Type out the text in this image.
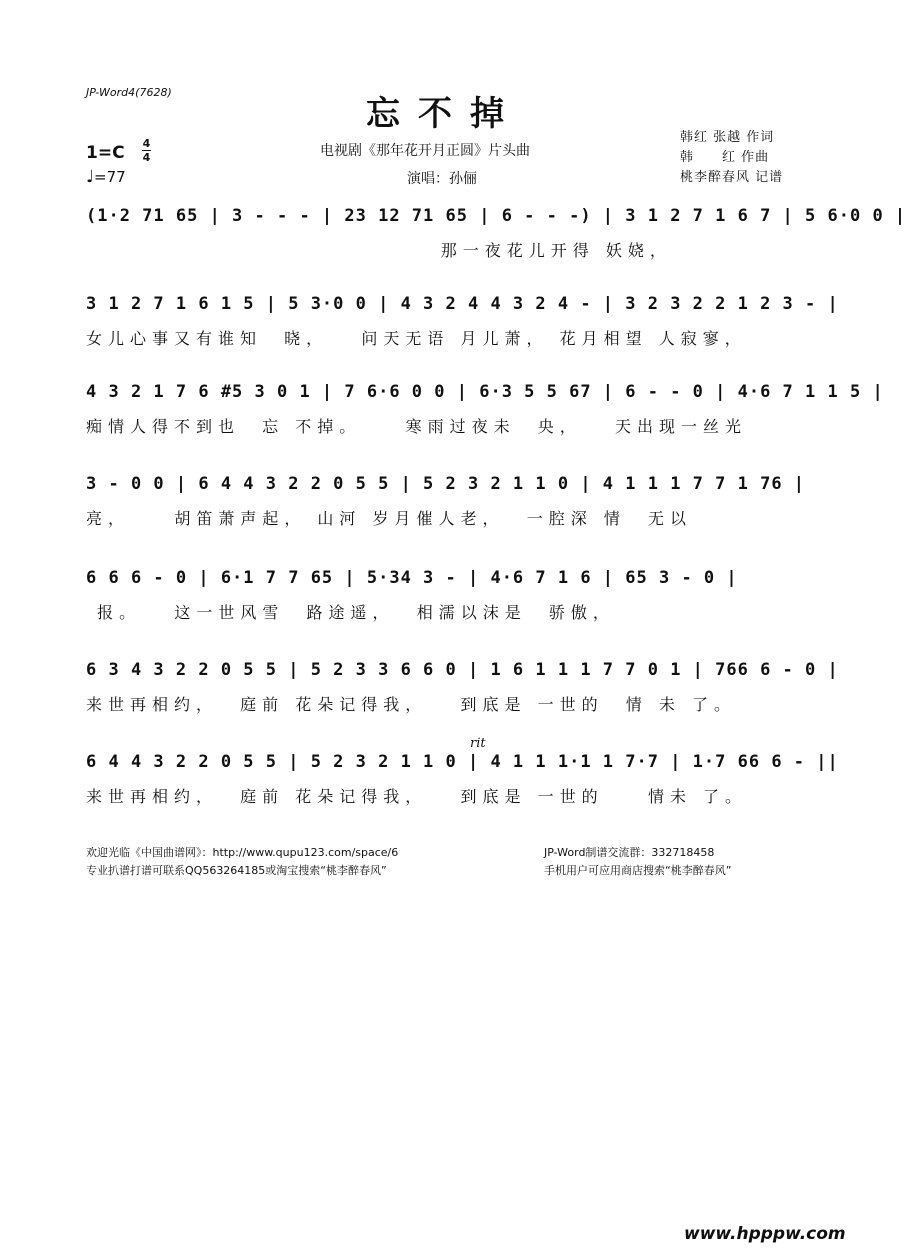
JP-Word4(7628)
忘不掉
电视剧《那年花开月正圆》片头曲
演唱：孙俪
韩红 张越 作词
韩　　红 作曲
桃李醉春风 记谱
1=C 4
4
♩=77
(1·2 71 65 | 3 - - - | 23 12 71 65 | 6 - - -) | 3 1 2 7 1 6 7 | 5 6·0 0 |
那一夜花儿开得 妖娆，
3 1 2 7 1 6 1 5 | 5 3·0 0 | 4 3 2 4 4 3 2 4 - | 3 2 3 2 2 1 2 3 - |
女儿心事又有谁知  晓，   问天无语 月儿萧， 花月相望 人寂寥，
4 3 2 1 7 6 #5 3 0 1 | 7 6·6 0 0 | 6·3 5 5 67 | 6 - - 0 | 4·6 7 1 1 5 |
痴情人得不到也  忘 不掉。    寒雨过夜未  央，   天出现一丝光
3 - 0 0 | 6 4 4 3 2 2 0 5 5 | 5 2 3 2 1 1 0 | 4 1 1 1 7 7 1 76 |
亮，    胡笛萧声起， 山河 岁月催人老，  一腔深 情  无以
6 6 6 - 0 | 6·1 7 7 65 | 5·34 3 - | 4·6 7 1 6 | 65 3 - 0 |
报。   这一世风雪  路途遥，  相濡以沫是  骄傲，
6 3 4 3 2 2 0 5 5 | 5 2 3 3 6 6 0 | 1 6 1 1 1 7 7 0 1 | 766 6 - 0 |
来世再相约，  庭前 花朵记得我，   到底是 一世的  情 未 了。
rit
6 4 4 3 2 2 0 5 5 | 5 2 3 2 1 1 0 | 4 1 1 1·1 1 7·7 | 1·7 66 6 - ||
来世再相约，  庭前 花朵记得我，   到底是 一世的    情未 了。
欢迎光临《中国曲谱网》：http://www.qupu123.com/space/6	JP-Word制谱交流群：332718458
专业扒谱打谱可联系QQ563264185或淘宝搜索“桃李醉春风”	手机用户可应用商店搜索“桃李醉春风”
www.hpppw.com
